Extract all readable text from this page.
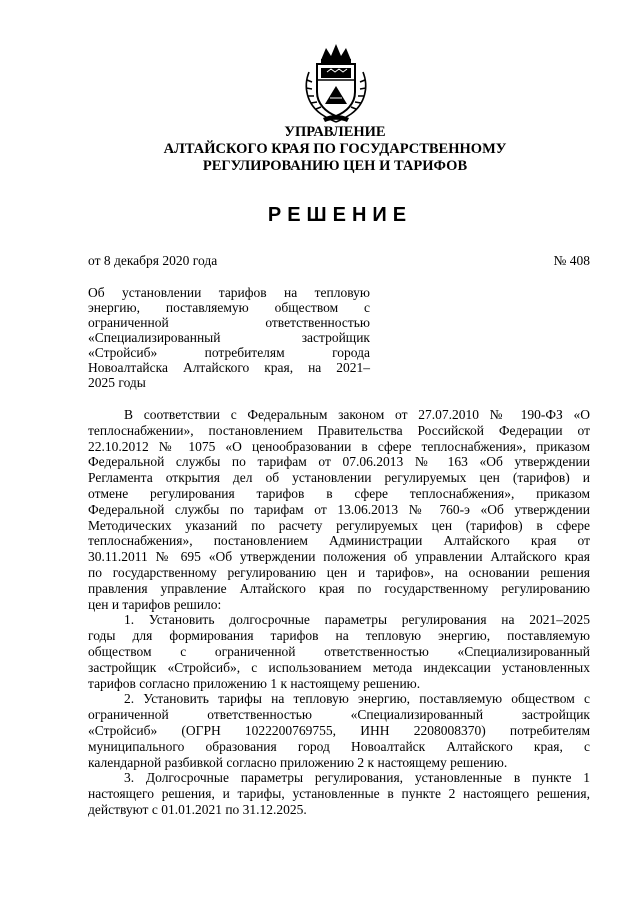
УПРАВЛЕНИЕ
АЛТАЙСКОГО КРАЯ ПО ГОСУДАРСТВЕННОМУ
РЕГУЛИРОВАНИЮ ЦЕН И ТАРИФОВ
РЕШЕНИЕ
от 8 декабря 2020 года	№ 408
Об установлении тарифов на тепловую
энергию, поставляемую обществом с
ограниченной ответственностью
«Специализированный застройщик
«Стройсиб» потребителям города
Новоалтайска Алтайского края, на 2021–
2025 годы
В соответствии с Федеральным законом от 27.07.2010 № 190-ФЗ «О
теплоснабжении», постановлением Правительства Российской Федерации от
22.10.2012 № 1075 «О ценообразовании в сфере теплоснабжения», приказом
Федеральной службы по тарифам от 07.06.2013 № 163 «Об утверждении
Регламента открытия дел об установлении регулируемых цен (тарифов) и
отмене регулирования тарифов в сфере теплоснабжения», приказом
Федеральной службы по тарифам от 13.06.2013 № 760-э «Об утверждении
Методических указаний по расчету регулируемых цен (тарифов) в сфере
теплоснабжения», постановлением Администрации Алтайского края от
30.11.2011 № 695 «Об утверждении положения об управлении Алтайского края
по государственному регулированию цен и тарифов», на основании решения
правления управление Алтайского края по государственному регулированию
цен и тарифов решило:
1. Установить долгосрочные параметры регулирования на 2021–2025
годы для формирования тарифов на тепловую энергию, поставляемую
обществом с ограниченной ответственностью «Специализированный
застройщик «Стройсиб», с использованием метода индексации установленных
тарифов согласно приложению 1 к настоящему решению.
2. Установить тарифы на тепловую энергию, поставляемую обществом с
ограниченной ответственностью «Специализированный застройщик
«Стройсиб» (ОГРН 1022200769755, ИНН 2208008370) потребителям
муниципального образования город Новоалтайск Алтайского края, с
календарной разбивкой согласно приложению 2 к настоящему решению.
3. Долгосрочные параметры регулирования, установленные в пункте 1
настоящего решения, и тарифы, установленные в пункте 2 настоящего решения,
действуют с 01.01.2021 по 31.12.2025.
